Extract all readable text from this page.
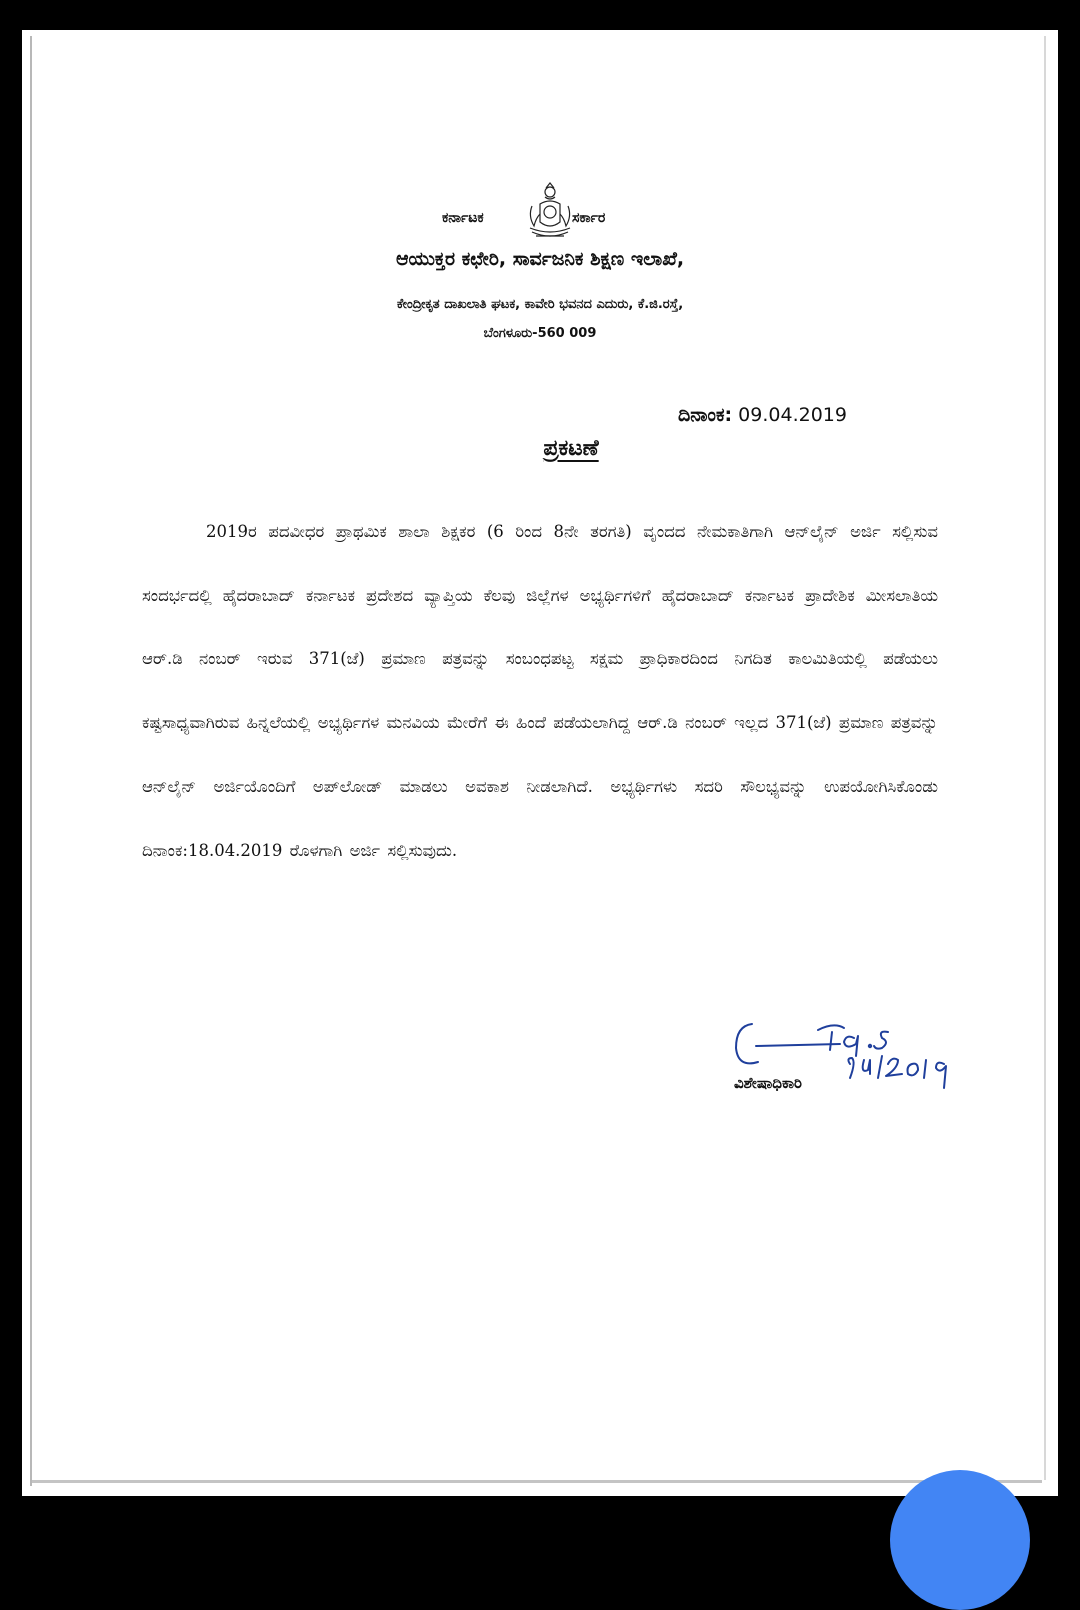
ಕರ್ನಾಟಕ	ಸರ್ಕಾರ
ಆಯುಕ್ತರ ಕಛೇರಿ, ಸಾರ್ವಜನಿಕ ಶಿಕ್ಷಣ ಇಲಾಖೆ,
ಕೇಂದ್ರೀಕೃತ ದಾಖಲಾತಿ ಘಟಕ, ಕಾವೇರಿ ಭವನದ ಎದುರು, ಕೆ.ಜಿ.ರಸ್ತೆ,
ಬೆಂಗಳೂರು-560 009
ದಿನಾಂಕ: 09.04.2019
ಪ್ರಕಟಣೆ

2019ರ ಪದವೀಧರ ಪ್ರಾಥಮಿಕ ಶಾಲಾ ಶಿಕ್ಷಕರ (6 ರಿಂದ 8ನೇ ತರಗತಿ) ವೃಂದದ ನೇಮಕಾತಿಗಾಗಿ ಆನ್‌ಲೈನ್ ಅರ್ಜಿ ಸಲ್ಲಿಸುವ ಸಂದರ್ಭದಲ್ಲಿ ಹೈದರಾಬಾದ್ ಕರ್ನಾಟಕ ಪ್ರದೇಶದ ವ್ಯಾಪ್ತಿಯ ಕೆಲವು ಜಿಲ್ಲೆಗಳ ಅಭ್ಯರ್ಥಿಗಳಿಗೆ ಹೈದರಾಬಾದ್ ಕರ್ನಾಟಕ ಪ್ರಾದೇಶಿಕ ಮೀಸಲಾತಿಯ ಆರ್.ಡಿ ನಂಬರ್ ಇರುವ 371(ಜೆ) ಪ್ರಮಾಣ ಪತ್ರವನ್ನು ಸಂಬಂಧಪಟ್ಟ ಸಕ್ಷಮ ಪ್ರಾಧಿಕಾರದಿಂದ ನಿಗದಿತ ಕಾಲಮಿತಿಯಲ್ಲಿ ಪಡೆಯಲು ಕಷ್ಟಸಾಧ್ಯವಾಗಿರುವ ಹಿನ್ನಲೆಯಲ್ಲಿ ಅಭ್ಯರ್ಥಿಗಳ ಮನವಿಯ ಮೇರೆಗೆ ಈ ಹಿಂದೆ ಪಡೆಯಲಾಗಿದ್ದ ಆರ್.ಡಿ ನಂಬರ್ ಇಲ್ಲದ 371(ಜೆ) ಪ್ರಮಾಣ ಪತ್ರವನ್ನು ಆನ್‌ಲೈನ್ ಅರ್ಜಿಯೊಂದಿಗೆ ಅಪ್‌ಲೋಡ್ ಮಾಡಲು ಅವಕಾಶ ನೀಡಲಾಗಿದೆ. ಅಭ್ಯರ್ಥಿಗಳು ಸದರಿ ಸೌಲಭ್ಯವನ್ನು ಉಪಯೋಗಿಸಿಕೊಂಡು ದಿನಾಂಕ:18.04.2019 ರೊಳಗಾಗಿ ಅರ್ಜಿ ಸಲ್ಲಿಸುವುದು.

ವಿಶೇಷಾಧಿಕಾರಿ
